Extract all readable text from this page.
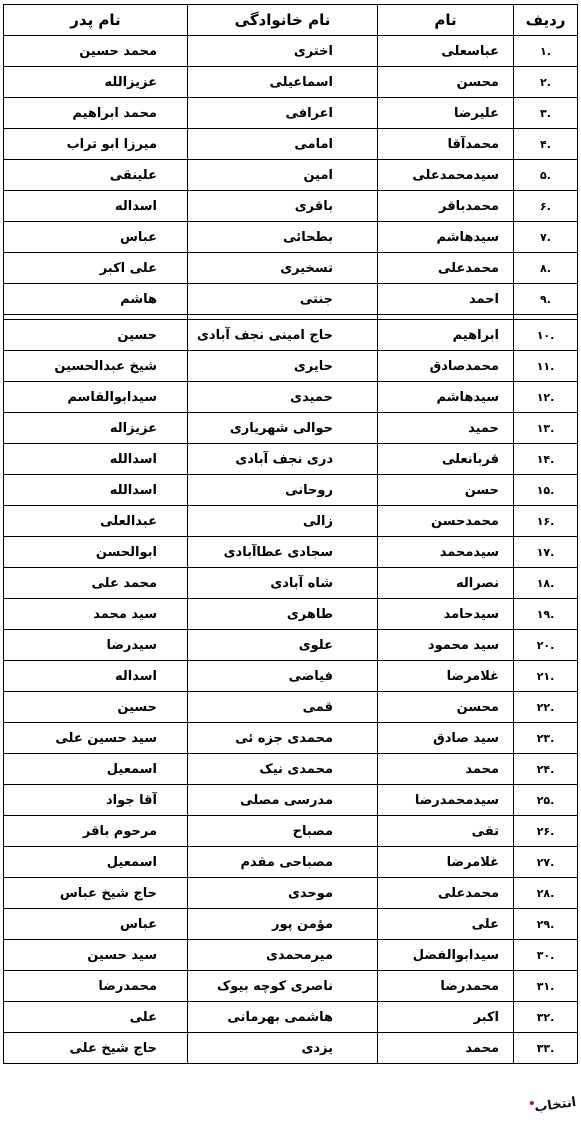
ردیف	نام	نام خانوادگی	نام پدر
.۱	عباسعلی	اختری	محمد حسین
.۲	محسن	اسماعیلی	عزیزالله
.۳	علیرضا	اعرافی	محمد ابراهیم
.۴	محمدآقا	امامی	میرزا ابو تراب
.۵	سیدمحمدعلی	امین	علینقی
.۶	محمدباقر	باقری	اسداله
.۷	سیدهاشم	بطحائی	عباس
.۸	محمدعلی	تسخیری	علی اکبر
.۹	احمد	جنتی	هاشم

.۱۰	ابراهیم	حاج امینی نجف آبادی	حسین
.۱۱	محمدصادق	حایری	شیخ عبدالحسین
.۱۲	سیدهاشم	حمیدی	سیدابوالقاسم
.۱۳	حمید	حوالی شهریاری	عزیزاله
.۱۴	قربانعلی	دری نجف آبادی	اسدالله
.۱۵	حسن	روحانی	اسدالله
.۱۶	محمدحسن	زالی	عبدالعلی
.۱۷	سیدمحمد	سجادی عطاآبادی	ابوالحسن
.۱۸	نصراله	شاه آبادی	محمد علی
.۱۹	سیدحامد	طاهری	سید محمد
.۲۰	سید محمود	علوی	سیدرضا
.۲۱	غلامرضا	فیاضی	اسداله
.۲۲	محسن	قمی	حسین
.۲۳	سید صادق	محمدی جزه ئی	سید حسین علی
.۲۴	محمد	محمدی نیک	اسمعیل
.۲۵	سیدمحمدرضا	مدرسی مصلی	آقا جواد
.۲۶	تقی	مصباح	مرحوم باقر
.۲۷	غلامرضا	مصباحی مقدم	اسمعیل
.۲۸	محمدعلی	موحدی	حاج شیخ عباس
.۲۹	علی	مؤمن پور	عباس
.۳۰	سیدابوالفضل	میرمحمدی	سید حسین
.۳۱	محمدرضا	ناصری کوچه بیوک	محمدرضا
.۳۲	اکبر	هاشمی بهرمانی	علی
.۳۳	محمد	یزدی	حاج شیخ علی
انتخاب
